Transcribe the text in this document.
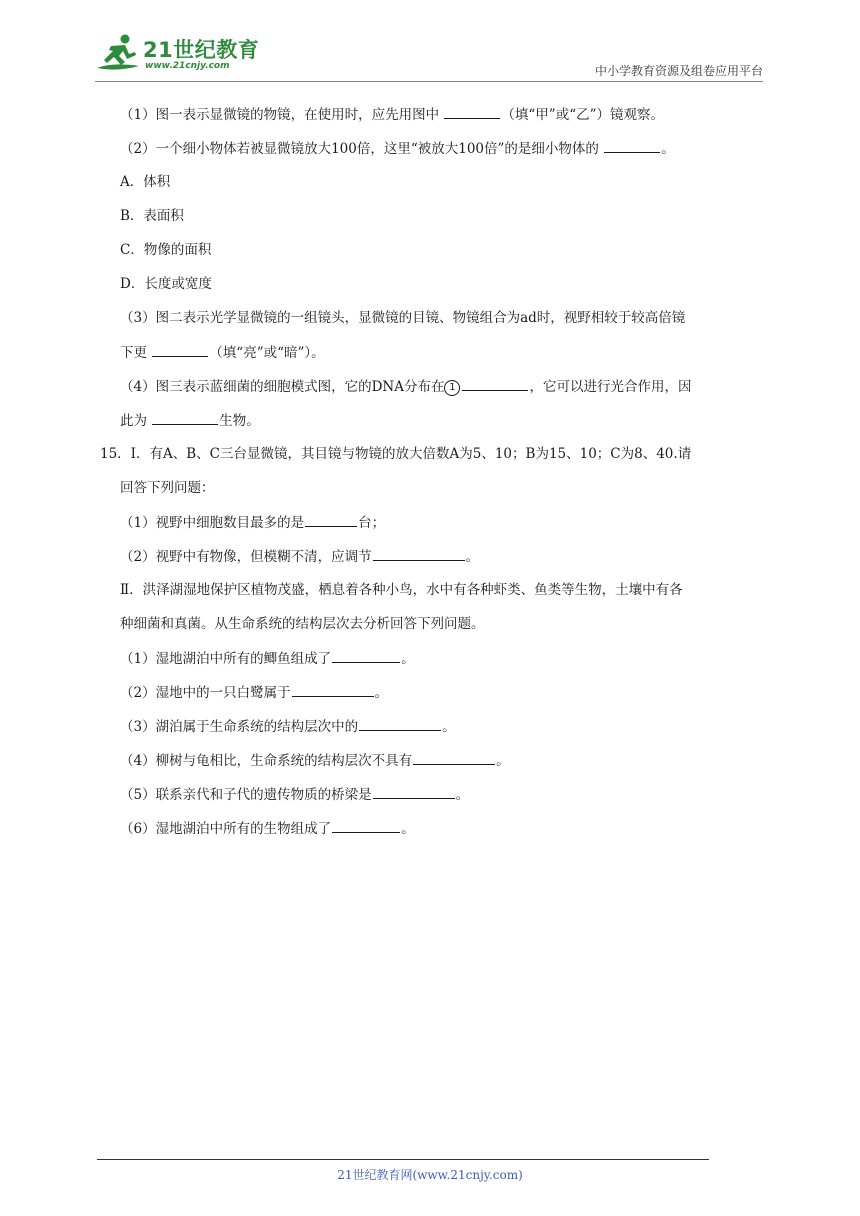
21世纪教育
www.21cnjy.com	中小学教育资源及组卷应用平台
（1）图一表示显微镜的物镜，在使用时，应先用图中	（填“甲”或“乙”）镜观察。
（2）一个细小物体若被显微镜放大100倍，这里“被放大100倍”的是细小物体的	。
A．体积
B．表面积
C．物像的面积
D．长度或宽度
（3）图二表示光学显微镜的一组镜头，显微镜的目镜、物镜组合为ad时，视野相较于较高倍镜
下更	（填“亮”或“暗”）。
（4）图三表示蓝细菌的细胞模式图，它的DNA分布在 1	，它可以进行光合作用，因
此为	生物。
15．Ⅰ．有A、B、C三台显微镜，其目镜与物镜的放大倍数A为5、10；B为15、10；C为8、40.请
回答下列问题：
（1）视野中细胞数目最多的是	台；
（2）视野中有物像，但模糊不清，应调节	。
Ⅱ．洪泽湖湿地保护区植物茂盛，栖息着各种小鸟，水中有各种虾类、鱼类等生物，土壤中有各
种细菌和真菌。从生命系统的结构层次去分析回答下列问题。
（1）湿地湖泊中所有的鲫鱼组成了	。
（2）湿地中的一只白鹭属于	。
（3）湖泊属于生命系统的结构层次中的	。
（4）柳树与龟相比，生命系统的结构层次不具有	。
（5）联系亲代和子代的遗传物质的桥梁是	。
（6）湿地湖泊中所有的生物组成了	。
21世纪教育网(www.21cnjy.com)
